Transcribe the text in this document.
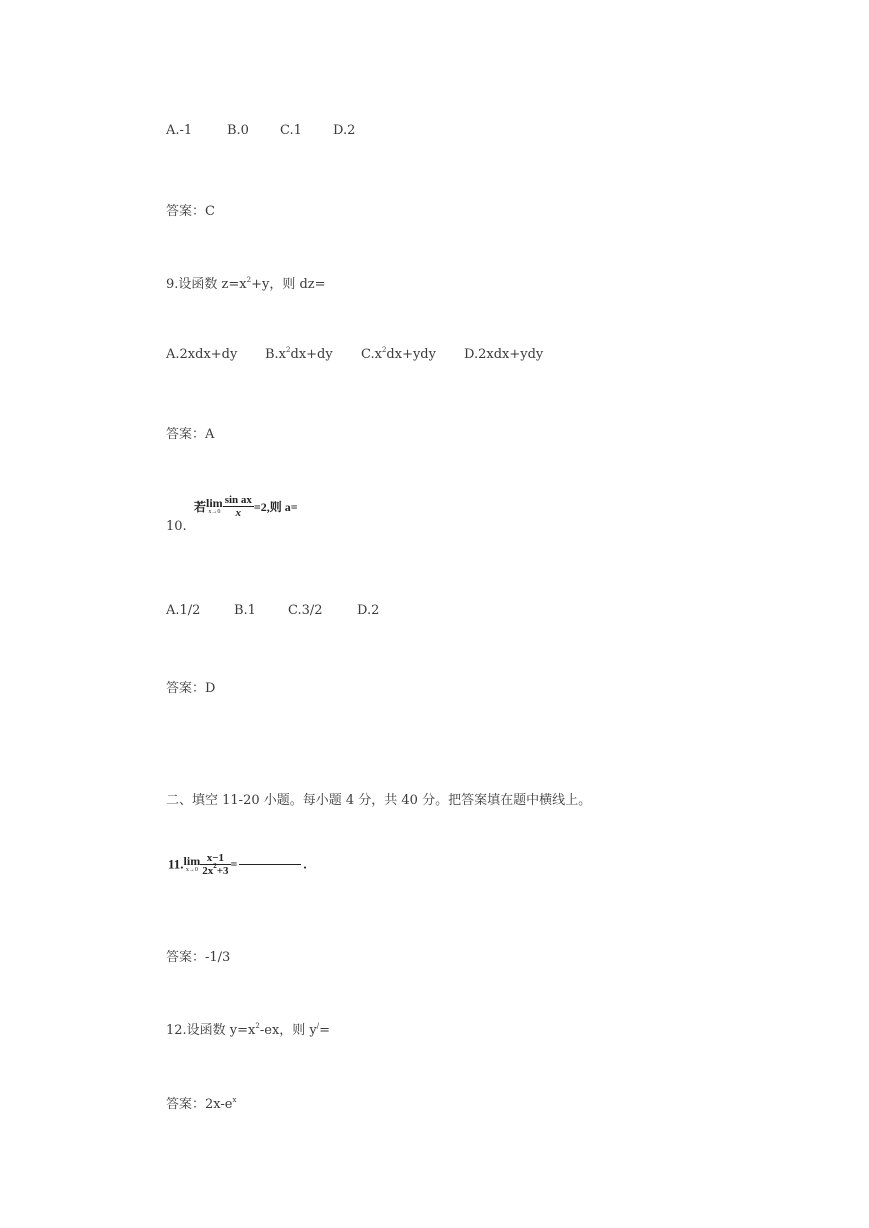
A.-1	B.0 C.1 D.2
答案：C
9.设函数 $z=x^2+y$，则 dz=
A.2xdx+dy $B.x^2dx+dy$ $C.x^2dx+ydy$ D.2xdx+ydy
答案：A
10.
若 lim
$x\to 0 \frac{\text{sin ax}}{x} =2$,则 a=
A.1/2	B.1 C.3/2	D.2
答案：D
二、填空 11-20 小题。每小题 4 分，共 40 分。把答案填在题中横线上。
11. lim
$x\to 0 \frac{x-1}{2x^2+3}$ =	.
答案：-1/3
12.设函数 $y=x^2-ex$，则 y/=
答案：$2x-e^x$
